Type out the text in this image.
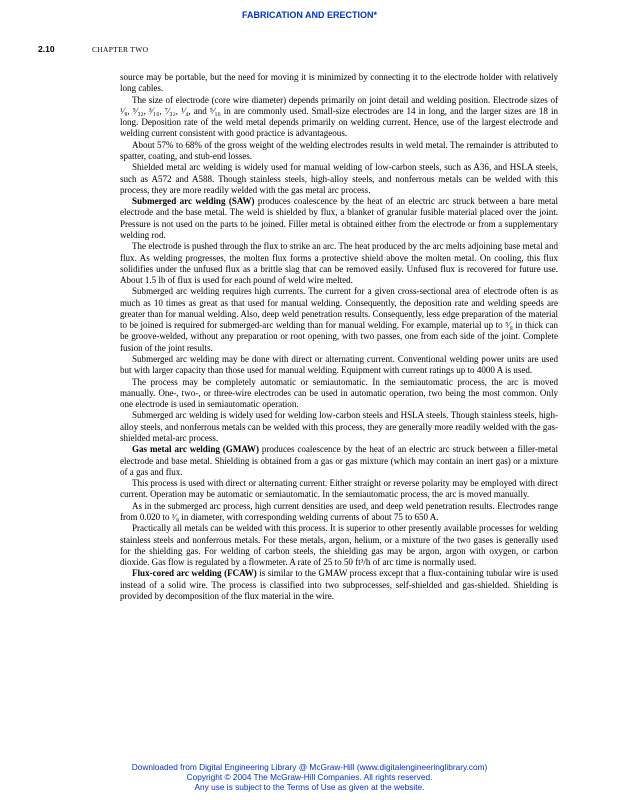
FABRICATION AND ERECTION*
2.10	CHAPTER TWO

source may be portable, but the need for moving it is minimized by connecting it to the electrode holder with relatively long cables.

The size of electrode (core wire diameter) depends primarily on joint detail and welding position. Electrode sizes of ¹⁄₈, ⁵⁄₃₂, ³⁄₁₆, ⁷⁄₃₂, ¹⁄₄, and ⁵⁄₁₆ in are commonly used. Small-size electrodes are 14 in long, and the larger sizes are 18 in long. Deposition rate of the weld metal depends primarily on welding current. Hence, use of the largest electrode and welding current consistent with good practice is advantageous.

About 57% to 68% of the gross weight of the welding electrodes results in weld metal. The remainder is attributed to spatter, coating, and stub-end losses.

Shielded metal arc welding is widely used for manual welding of low-carbon steels, such as A36, and HSLA steels, such as A572 and A588. Though stainless steels, high-alloy steels, and nonferrous metals can be welded with this process, they are more readily welded with the gas metal arc process.

Submerged arc welding (SAW) produces coalescence by the heat of an electric arc struck between a bare metal electrode and the base metal. The weld is shielded by flux, a blanket of granular fusible material placed over the joint. Pressure is not used on the parts to be joined. Filler metal is obtained either from the electrode or from a supplementary welding rod.

The electrode is pushed through the flux to strike an arc. The heat produced by the arc melts adjoining base metal and flux. As welding progresses, the molten flux forms a protective shield above the molten metal. On cooling, this flux solidifies under the unfused flux as a brittle slag that can be removed easily. Unfused flux is recovered for future use. About 1.5 lb of flux is used for each pound of weld wire melted.

Submerged arc welding requires high currents. The current for a given cross-sectional area of electrode often is as much as 10 times as great as that used for manual welding. Consequently, the deposition rate and welding speeds are greater than for manual welding. Also, deep weld penetration results. Consequently, less edge preparation of the material to be joined is required for submerged-arc welding than for manual welding. For example, material up to ⁵⁄₈ in thick can be groove-welded, without any preparation or root opening, with two passes, one from each side of the joint. Complete fusion of the joint results.

Submerged arc welding may be done with direct or alternating current. Conventional welding power units are used but with larger capacity than those used for manual welding. Equipment with current ratings up to 4000 A is used.

The process may be completely automatic or semiautomatic. In the semiautomatic process, the arc is moved manually. One-, two-, or three-wire electrodes can be used in automatic operation, two being the most common. Only one electrode is used in semiautomatic operation.

Submerged arc welding is widely used for welding low-carbon steels and HSLA steels. Though stainless steels, high-alloy steels, and nonferrous metals can be welded with this process, they are generally more readily welded with the gas-shielded metal-arc process.

Gas metal arc welding (GMAW) produces coalescence by the heat of an electric arc struck between a filler-metal electrode and base metal. Shielding is obtained from a gas or gas mixture (which may contain an inert gas) or a mixture of a gas and flux.

This process is used with direct or alternating current. Either straight or reverse polarity may be employed with direct current. Operation may be automatic or semiautomatic. In the semiautomatic process, the arc is moved manually.

As in the submerged arc process, high current densities are used, and deep weld penetration results. Electrodes range from 0.020 to ¹⁄₈ in diameter, with corresponding welding currents of about 75 to 650 A.

Practically all metals can be welded with this process. It is superior to other presently available processes for welding stainless steels and nonferrous metals. For these metals, argon, helium, or a mixture of the two gases is generally used for the shielding gas. For welding of carbon steels, the shielding gas may be argon, argon with oxygen, or carbon dioxide. Gas flow is regulated by a flowmeter. A rate of 25 to 50 ft³/h of arc time is normally used.

Flux-cored arc welding (FCAW) is similar to the GMAW process except that a flux-containing tubular wire is used instead of a solid wire. The process is classified into two subprocesses, self-shielded and gas-shielded. Shielding is provided by decomposition of the flux material in the wire.

Downloaded from Digital Engineering Library @ McGraw-Hill (www.digitalengineeringlibrary.com)
Copyright © 2004 The McGraw-Hill Companies. All rights reserved.
Any use is subject to the Terms of Use as given at the website.
